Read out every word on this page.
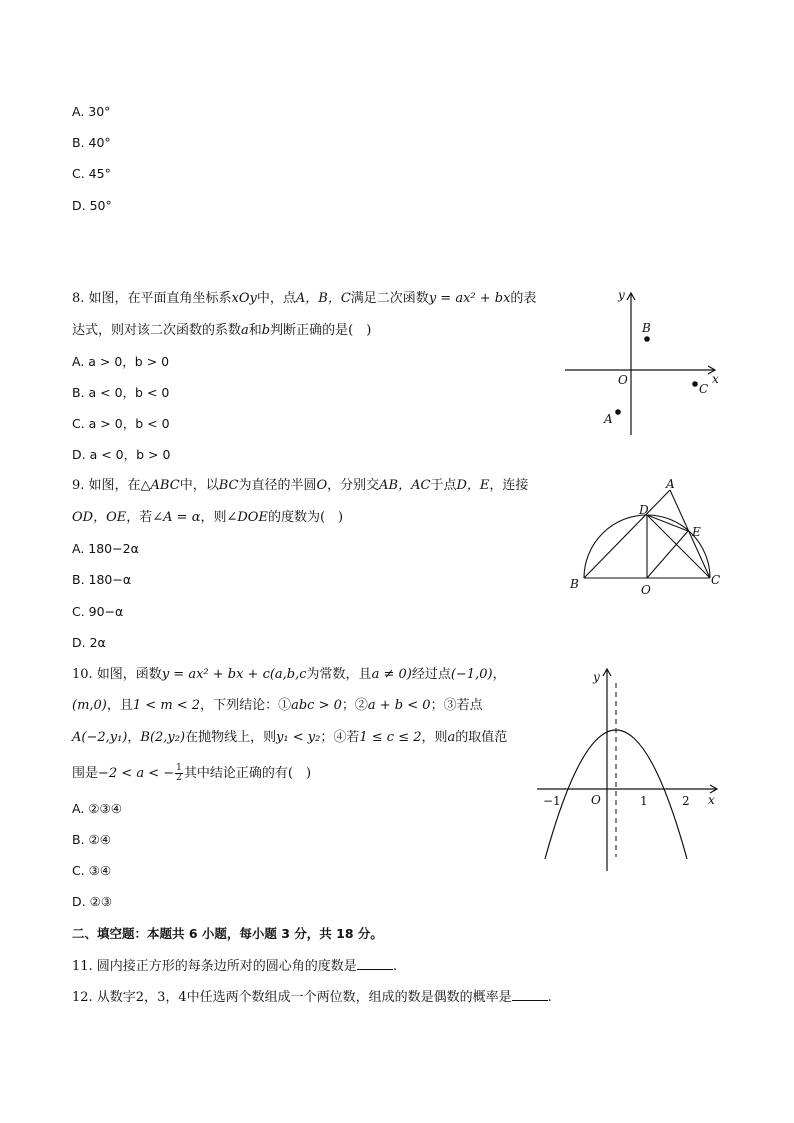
A. 30°
B. 40°
C. 45°
D. 50°
8. 如图，在平面直角坐标系xOy中，点A，B，C满足二次函数y = ax² + bx的表
达式，则对该二次函数的系数a和b判断正确的是(　)
A. a > 0，b > 0
B. a < 0，b < 0
C. a > 0，b < 0
D. a < 0，b > 0
y
x
O
B
C
A
9. 如图，在△ABC中，以BC为直径的半圆O，分别交AB，AC于点D，E，连接
OD，OE，若∠A = α，则∠DOE的度数为(　)
A. 180−2α
B. 180−α
C. 90−α
D. 2α
A
B	C
D
E
O
10. 如图，函数y = ax² + bx + c(a,b,c为常数，且a ≠ 0)经过点(−1,0)，
(m,0)，且1 < m < 2，下列结论：①abc > 0；②a + b < 0；③若点
A(−2,y₁)，B(2,y₂)在抛物线上，则y₁ < y₂；④若1 ≤ c ≤ 2，则a的取值范
围是−2 < a < − $\frac{1}{2}$ 其中结论正确的有(　)
A. ②③④
B. ②④
C. ③④
D. ②③
y
x
O
−1	1	2
二、填空题：本题共 6 小题，每小题 3 分，共 18 分。
11. 圆内接正方形的每条边所对的圆心角的度数是	.
12. 从数字2，3，4中任选两个数组成一个两位数，组成的数是偶数的概率是	.
